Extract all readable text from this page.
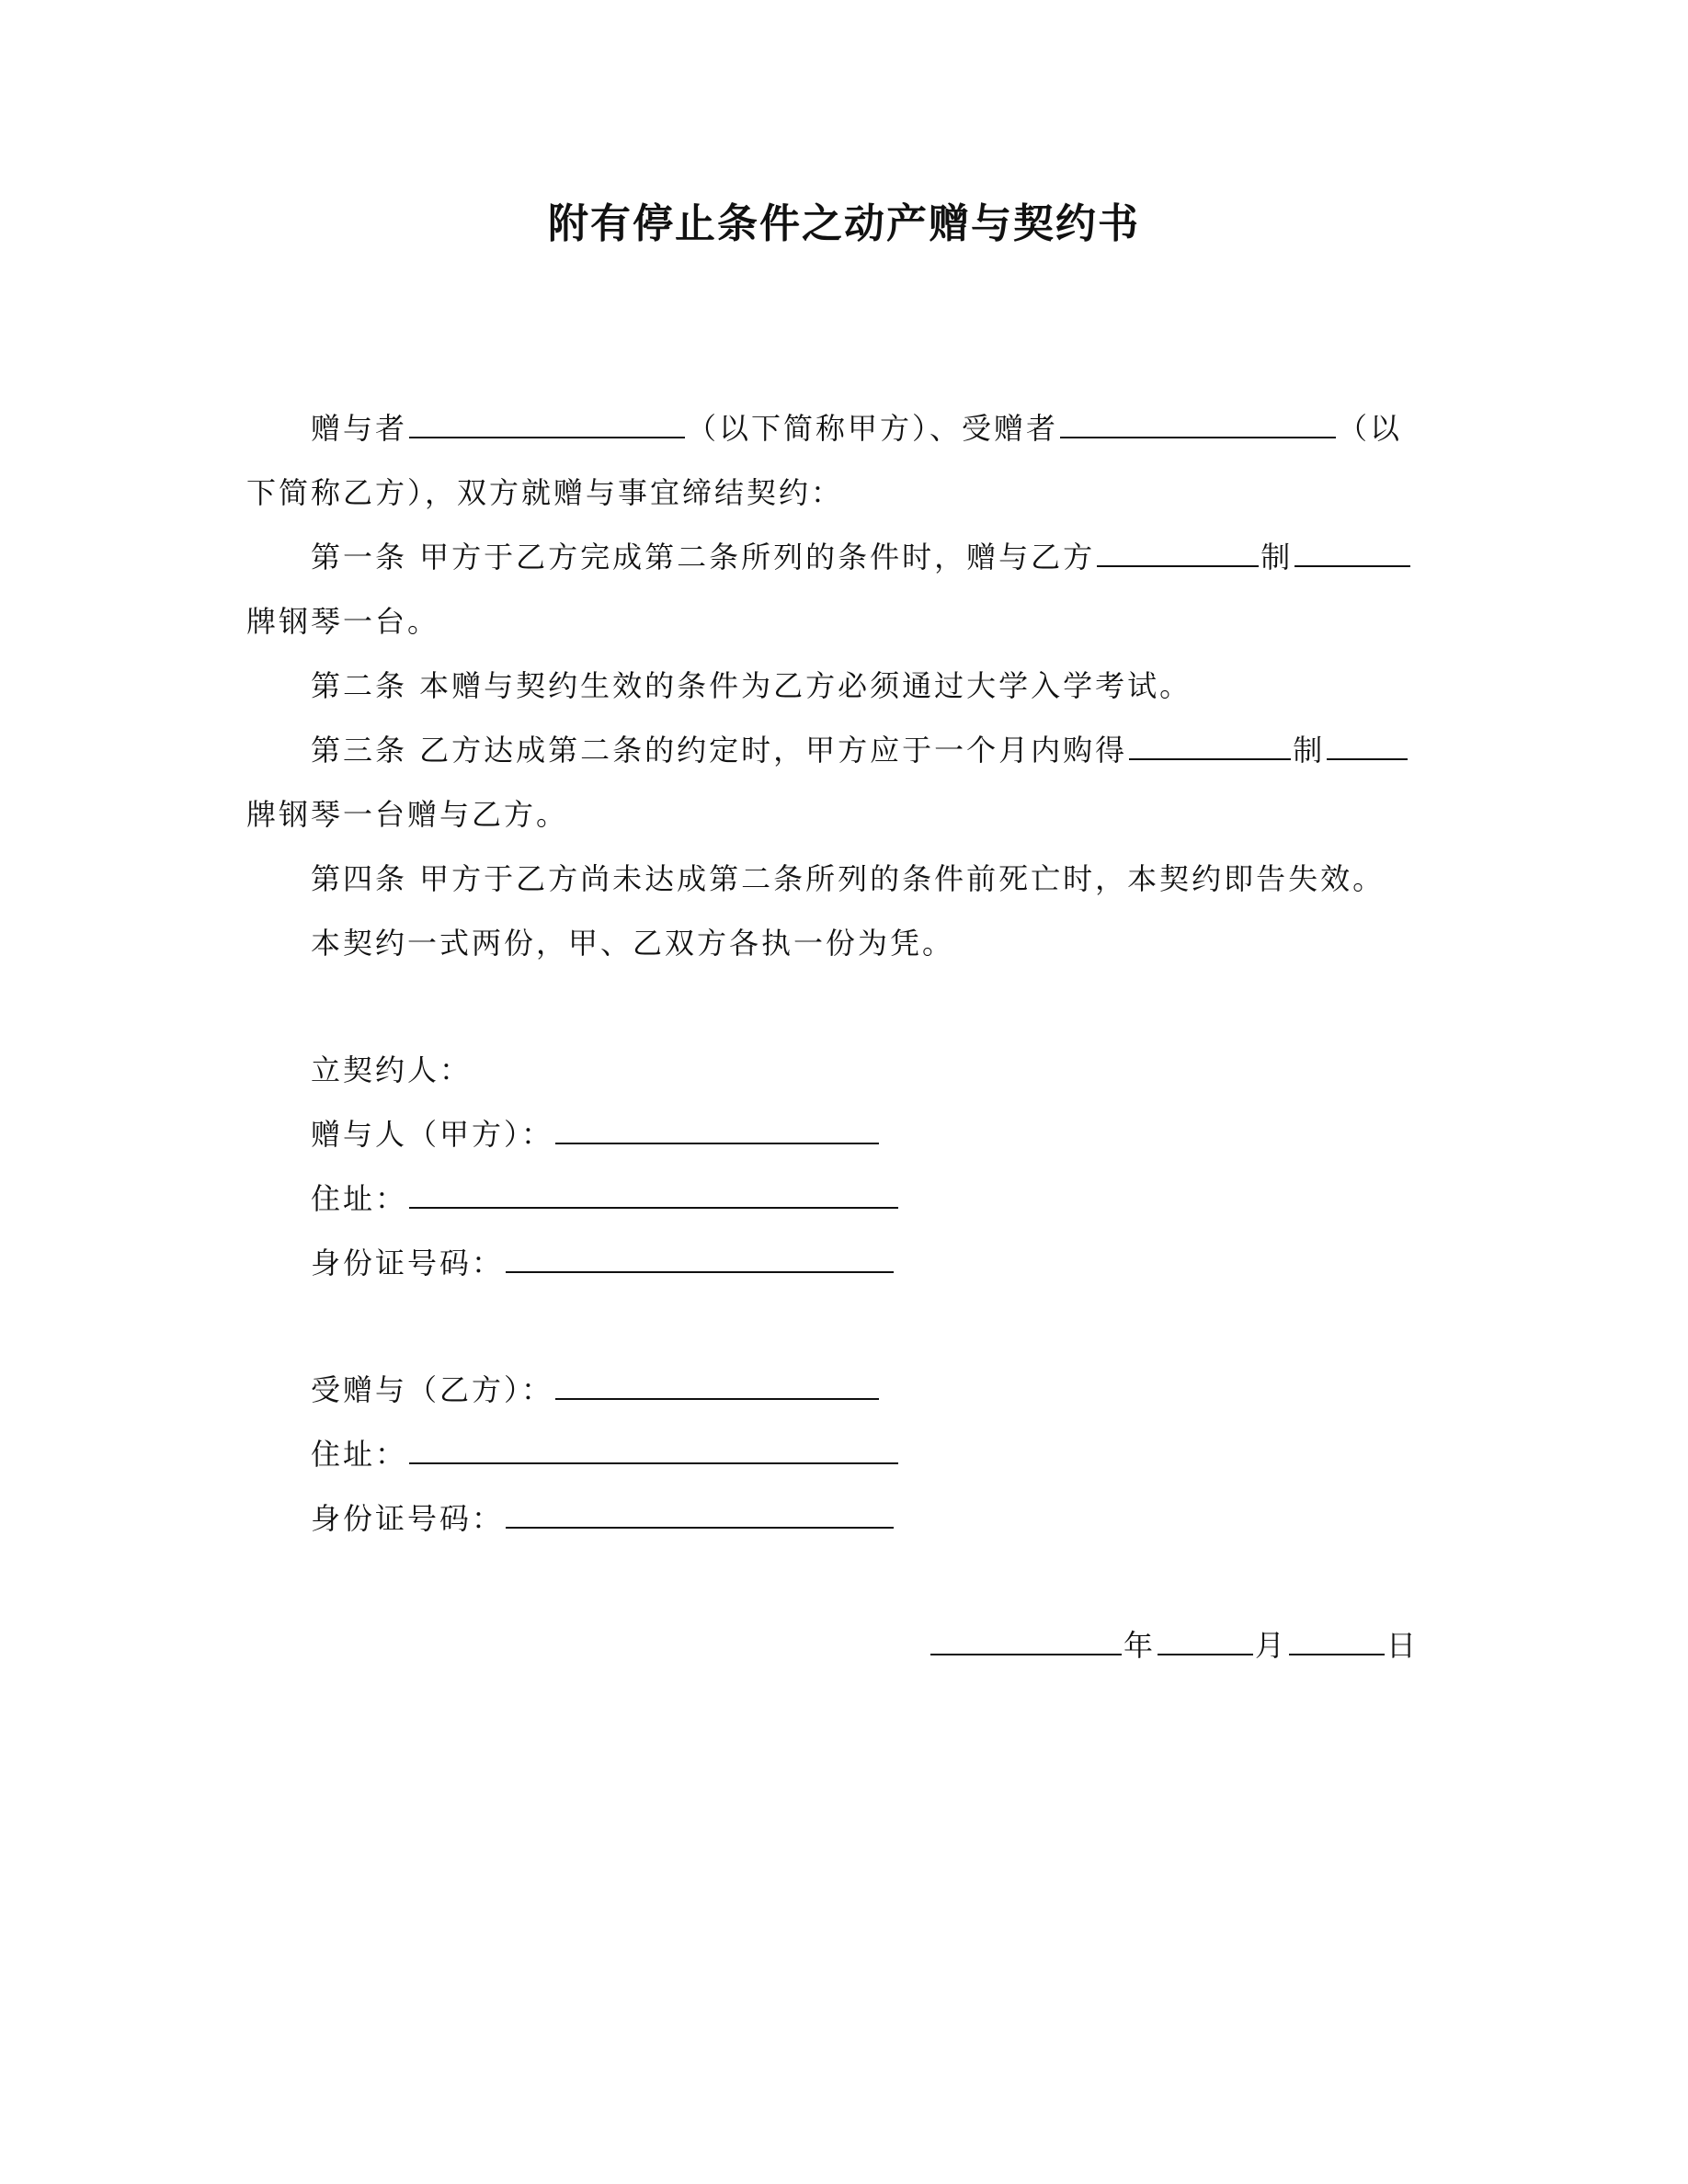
附有停止条件之动产赠与契约书
赠与者	（以下简称甲方）、受赠者	（以
下简称乙方），双方就赠与事宜缔结契约：
第一条 甲方于乙方完成第二条所列的条件时，赠与乙方	制
牌钢琴一台。
第二条 本赠与契约生效的条件为乙方必须通过大学入学考试。
第三条 乙方达成第二条的约定时，甲方应于一个月内购得	制
牌钢琴一台赠与乙方。
第四条 甲方于乙方尚未达成第二条所列的条件前死亡时，本契约即告失效。
本契约一式两份，甲、乙双方各执一份为凭。
立契约人：
赠与人（甲方）：
住址：
身份证号码：
受赠与（乙方）：
住址：
身份证号码：
年	月	日
